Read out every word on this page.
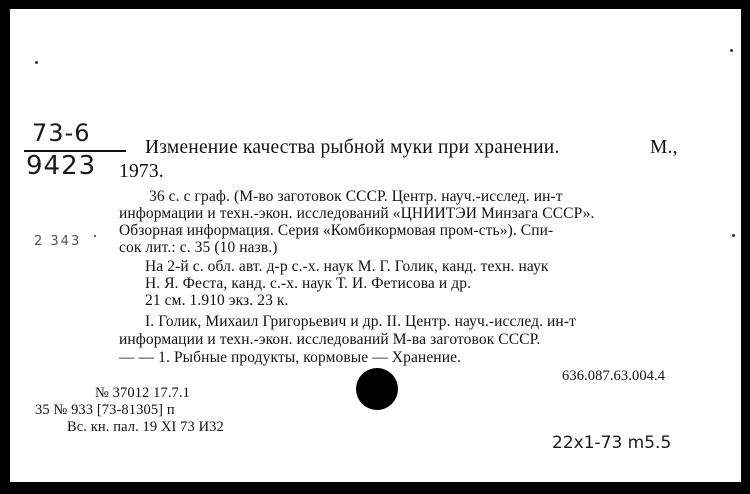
73-6
9423
2 343
Изменение качества рыбной муки при хранении.	М.,
1973.
36 с. с граф. (М-во заготовок СССР. Центр. науч.-исслед. ин-т
информации и техн.-экон. исследований «ЦНИИТЭИ Минзага СССР».
Обзорная информация. Серия «Комбикормовая пром-сть»). Спи-
сок лит.: с. 35 (10 назв.)
На 2-й с. обл. авт. д-р с.-х. наук М. Г. Голик, канд. техн. наук
Н. Я. Феста, канд. с.-х. наук Т. И. Фетисова и др.
21 см. 1.910 экз. 23 к.
I. Голик, Михаил Григорьевич и др. II. Центр. науч.-исслед. ин-т
информации и техн.-экон. исследований М-ва заготовок СССР.
— — 1. Рыбные продукты, кормовые — Хранение.
636.087.63.004.4
№ 37012 17.7.1
35 № 933 [73-81305] п
Вс. кн. пал. 19 XI 73 И32
22x1-73 m5.5
